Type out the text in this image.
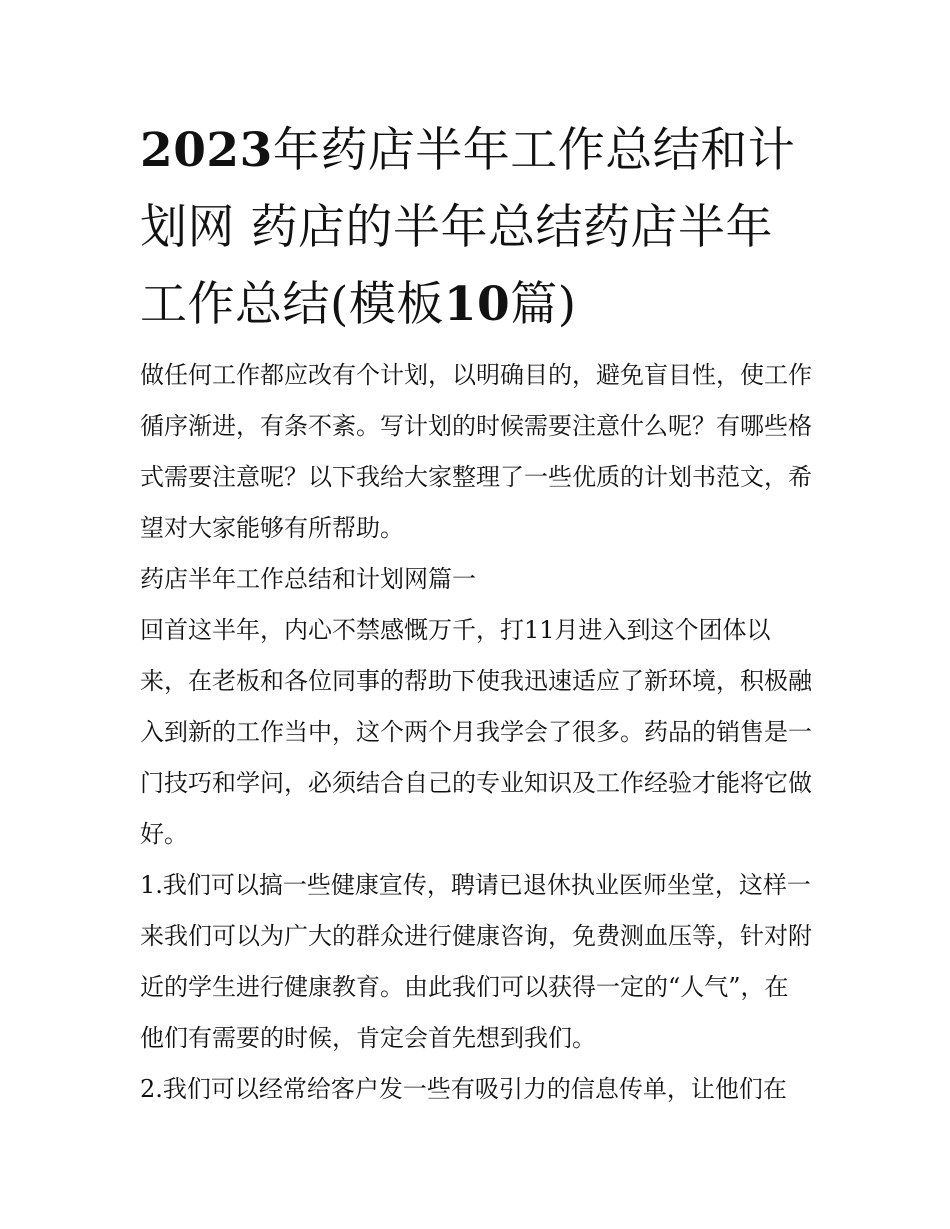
2023年药店半年工作总结和计
划网 药店的半年总结药店半年
工作总结(模板10篇)

做任何工作都应改有个计划，以明确目的，避免盲目性，使工作循序渐进，有条不紊。写计划的时候需要注意什么呢？有哪些格式需要注意呢？以下我给大家整理了一些优质的计划书范文，希望对大家能够有所帮助。

药店半年工作总结和计划网篇一

回首这半年，内心不禁感慨万千，打11月进入到这个团体以来，在老板和各位同事的帮助下使我迅速适应了新环境，积极融入到新的工作当中，这个两个月我学会了很多。药品的销售是一门技巧和学问，必须结合自己的专业知识及工作经验才能将它做好。

1.我们可以搞一些健康宣传，聘请已退休执业医师坐堂，这样一来我们可以为广大的群众进行健康咨询，免费测血压等，针对附近的学生进行健康教育。由此我们可以获得一定的“人气”，在他们有需要的时候，肯定会首先想到我们。

2.我们可以经常给客户发一些有吸引力的信息传单，让他们在
